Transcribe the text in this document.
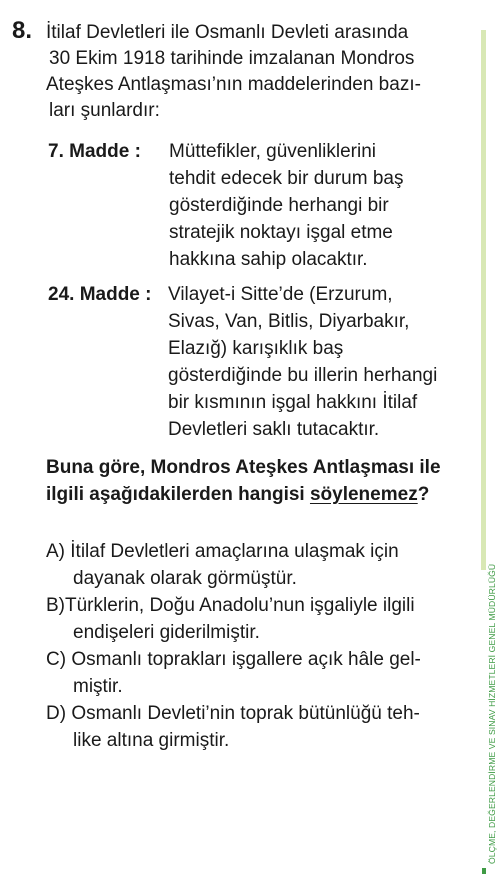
8. İtilaf Devletleri ile Osmanlı Devleti arasında
30 Ekim 1918 tarihinde imzalanan Mondros
Ateşkes Antlaşması’nın maddelerinden bazı-
ları şunlardır:
7. Madde : Müttefikler, güvenliklerini
tehdit edecek bir durum baş
gösterdiğinde herhangi bir
stratejik noktayı işgal etme
hakkına sahip olacaktır.
24. Madde : Vilayet-i Sitte’de (Erzurum,
Sivas, Van, Bitlis, Diyarbakır,
Elazığ) karışıklık baş
gösterdiğinde bu illerin herhangi
bir kısmının işgal hakkını İtilaf
Devletleri saklı tutacaktır.
Buna göre, Mondros Ateşkes Antlaşması ile
ilgili aşağıdakilerden hangisi söylenemez?
A) İtilaf Devletleri amaçlarına ulaşmak için
dayanak olarak görmüştür.
B)Türklerin, Doğu Anadolu’nun işgaliyle ilgili
endişeleri giderilmiştir.
C) Osmanlı toprakları işgallere açık hâle gel-
miştir.
D) Osmanlı Devleti’nin toprak bütünlüğü teh-
like altına girmiştir.	ÖLÇME, DEĞERLENDİRME VE SINAV HİZMETLERİ GENEL MÜDÜRLÜĞÜ
